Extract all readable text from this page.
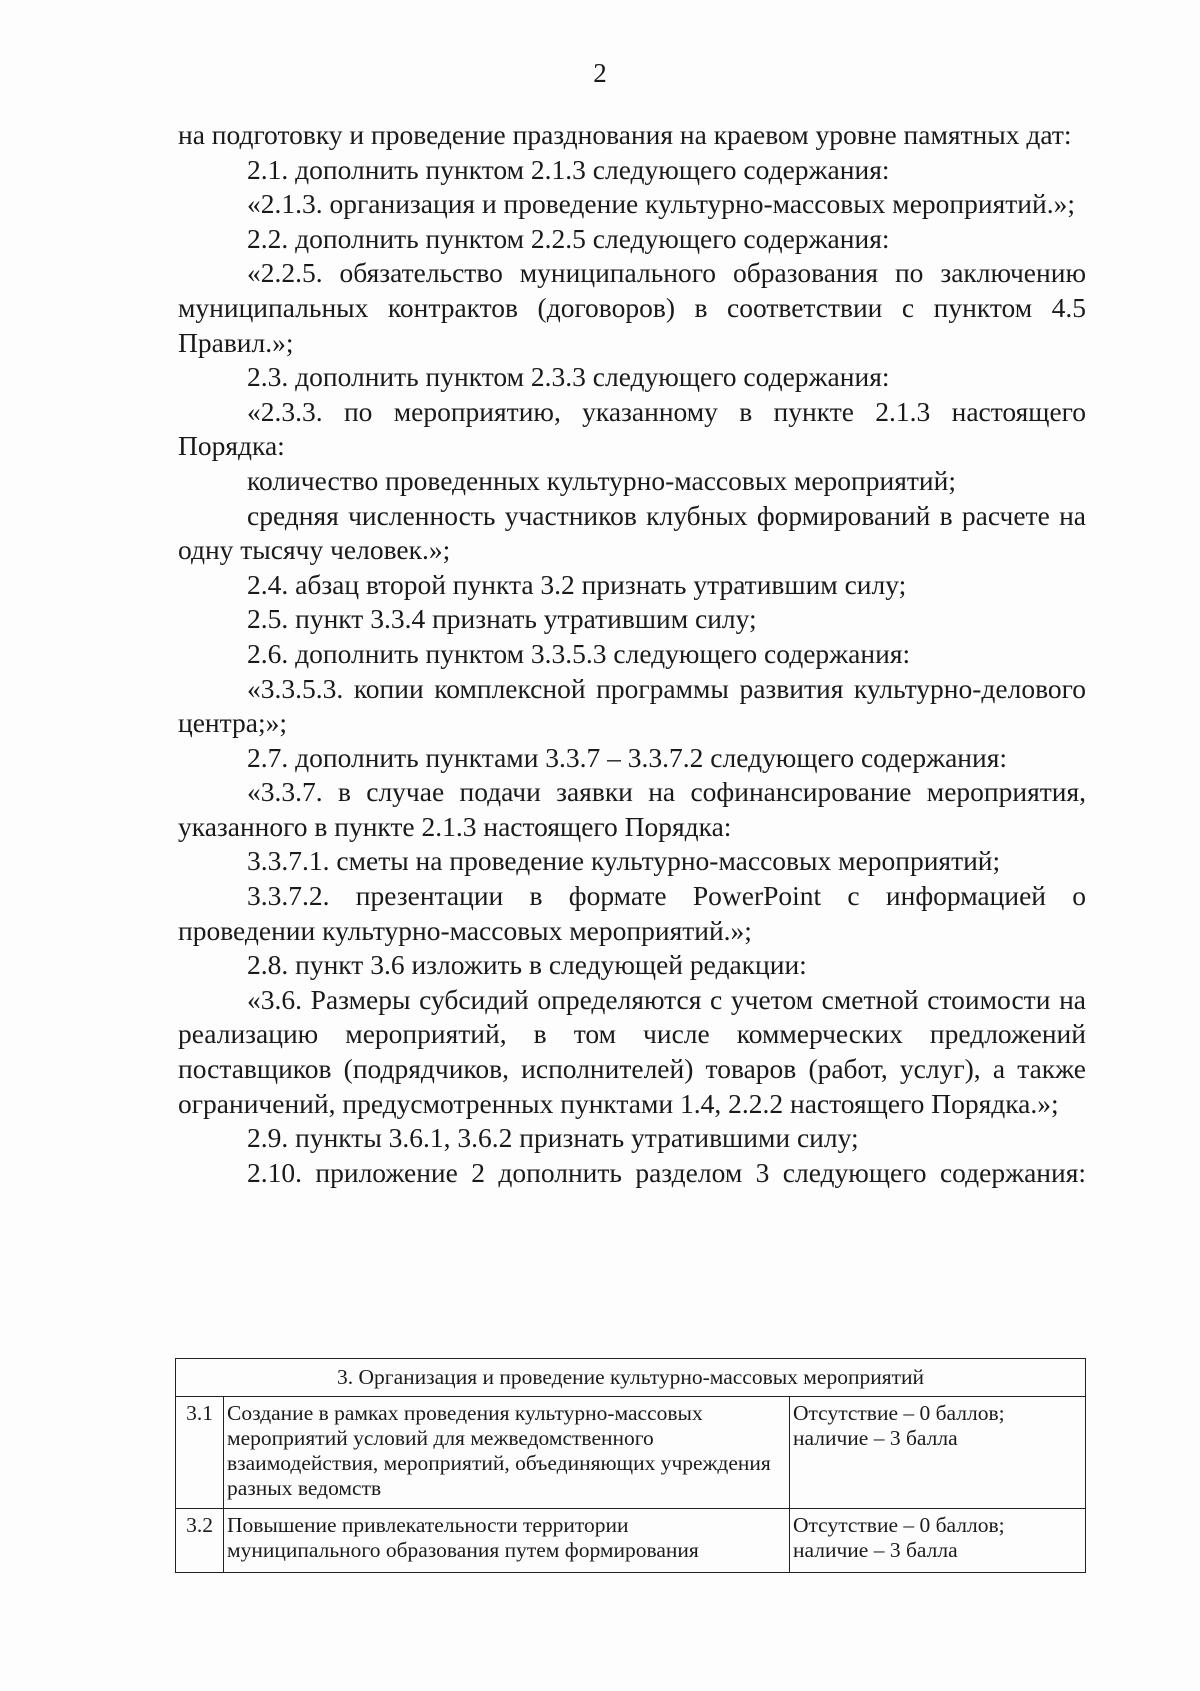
2

на подготовку и проведение празднования на краевом уровне памятных дат:

2.1. дополнить пунктом 2.1.3 следующего содержания:

«2.1.3. организация и проведение культурно-массовых мероприятий.»;

2.2. дополнить пунктом 2.2.5 следующего содержания:

«2.2.5. обязательство муниципального образования по заключению муниципальных контрактов (договоров) в соответствии с пунктом 4.5 Правил.»;

2.3. дополнить пунктом 2.3.3 следующего содержания:

«2.3.3. по мероприятию, указанному в пункте 2.1.3 настоящего Порядка:

количество проведенных культурно-массовых мероприятий;

средняя численность участников клубных формирований в расчете на одну тысячу человек.»;

2.4. абзац второй пункта 3.2 признать утратившим силу;

2.5. пункт 3.3.4 признать утратившим силу;

2.6. дополнить пунктом 3.3.5.3 следующего содержания:

«3.3.5.3. копии комплексной программы развития культурно-делового центра;»;

2.7. дополнить пунктами 3.3.7 – 3.3.7.2 следующего содержания:

«3.3.7. в случае подачи заявки на софинансирование мероприятия, указанного в пункте 2.1.3 настоящего Порядка:

3.3.7.1. сметы на проведение культурно-массовых мероприятий;

3.3.7.2. презентации в формате PowerPoint с информацией о проведении культурно-массовых мероприятий.»;

2.8. пункт 3.6 изложить в следующей редакции:

«3.6. Размеры субсидий определяются с учетом сметной стоимости на реализацию мероприятий, в том числе коммерческих предложений поставщиков (подрядчиков, исполнителей) товаров (работ, услуг), а также ограничений, предусмотренных пунктами 1.4, 2.2.2 настоящего Порядка.»;

2.9. пункты 3.6.1, 3.6.2 признать утратившими силу;

2.10. приложение 2 дополнить разделом 3 следующего содержания:

3. Организация и проведение культурно-массовых мероприятий		
3.1	Создание в рамках проведения культурно-массовых мероприятий условий для межведомственного взаимодействия, мероприятий, объединяющих учреждения разных ведомств	Отсутствие – 0 баллов; наличие – 3 балла
3.2	Повышение привлекательности территории муниципального образования путем формирования	Отсутствие – 0 баллов; наличие – 3 балла
